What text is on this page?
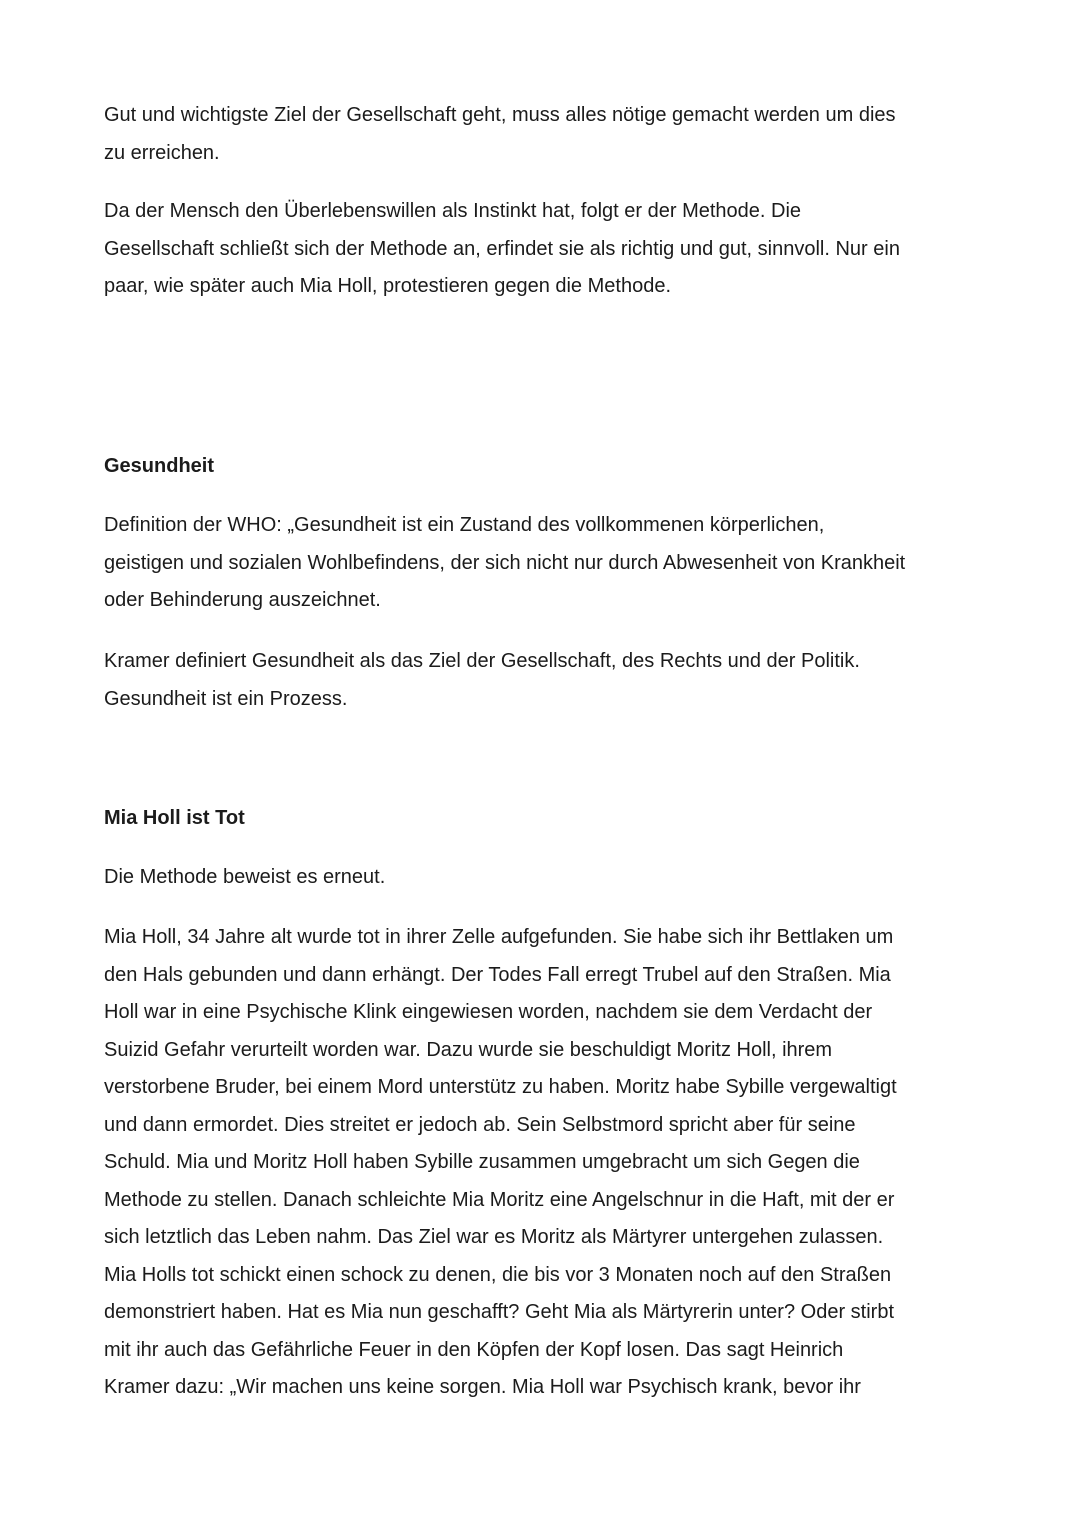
Gut und wichtigste Ziel der Gesellschaft geht, muss alles nötige gemacht werden um dies
zu erreichen.

Da der Mensch den Überlebenswillen als Instinkt hat, folgt er der Methode. Die
Gesellschaft schließt sich der Methode an, erfindet sie als richtig und gut, sinnvoll. Nur ein
paar, wie später auch Mia Holl, protestieren gegen die Methode.

Gesundheit

Definition der WHO: „Gesundheit ist ein Zustand des vollkommenen körperlichen,
geistigen und sozialen Wohlbefindens, der sich nicht nur durch Abwesenheit von Krankheit
oder Behinderung auszeichnet.

Kramer definiert Gesundheit als das Ziel der Gesellschaft, des Rechts und der Politik.
Gesundheit ist ein Prozess.

Mia Holl ist Tot

Die Methode beweist es erneut.

Mia Holl, 34 Jahre alt wurde tot in ihrer Zelle aufgefunden. Sie habe sich ihr Bettlaken um
den Hals gebunden und dann erhängt. Der Todes Fall erregt Trubel auf den Straßen. Mia
Holl war in eine Psychische Klink eingewiesen worden, nachdem sie dem Verdacht der
Suizid Gefahr verurteilt worden war. Dazu wurde sie beschuldigt Moritz Holl, ihrem
verstorbene Bruder, bei einem Mord unterstütz zu haben. Moritz habe Sybille vergewaltigt
und dann ermordet. Dies streitet er jedoch ab. Sein Selbstmord spricht aber für seine
Schuld. Mia und Moritz Holl haben Sybille zusammen umgebracht um sich Gegen die
Methode zu stellen. Danach schleichte Mia Moritz eine Angelschnur in die Haft, mit der er
sich letztlich das Leben nahm. Das Ziel war es Moritz als Märtyrer untergehen zulassen.
Mia Holls tot schickt einen schock zu denen, die bis vor 3 Monaten noch auf den Straßen
demonstriert haben. Hat es Mia nun geschafft? Geht Mia als Märtyrerin unter? Oder stirbt
mit ihr auch das Gefährliche Feuer in den Köpfen der Kopf losen. Das sagt Heinrich
Kramer dazu: „Wir machen uns keine sorgen. Mia Holl war Psychisch krank, bevor ihr
